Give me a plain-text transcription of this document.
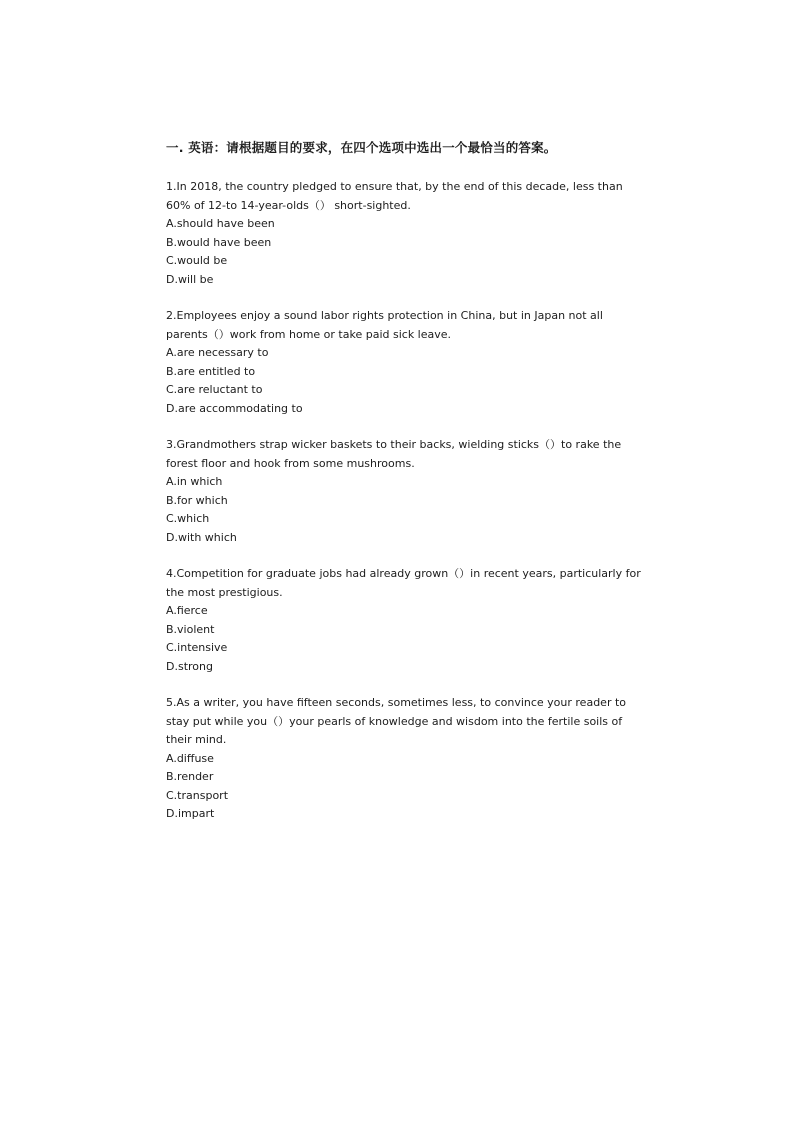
一. 英语：请根据题目的要求，在四个选项中选出一个最恰当的答案。

1.In 2018, the country pledged to ensure that, by the end of this decade, less than 60% of 12-to 14-year-olds（） short-sighted.

A.should have been

B.would have been

C.would be

D.will be

2.Employees enjoy a sound labor rights protection in China, but in Japan not all parents（）work from home or take paid sick leave.

A.are necessary to

B.are entitled to

C.are reluctant to

D.are accommodating to

3.Grandmothers strap wicker baskets to their backs, wielding sticks（）to rake the forest floor and hook from some mushrooms.

A.in which

B.for which

C.which

D.with which

4.Competition for graduate jobs had already grown（）in recent years, particularly for the most prestigious.

A.fierce

B.violent

C.intensive

D.strong

5.As a writer, you have fifteen seconds, sometimes less, to convince your reader to stay put while you（）your pearls of knowledge and wisdom into the fertile soils of their mind.

A.diffuse

B.render

C.transport

D.impart
